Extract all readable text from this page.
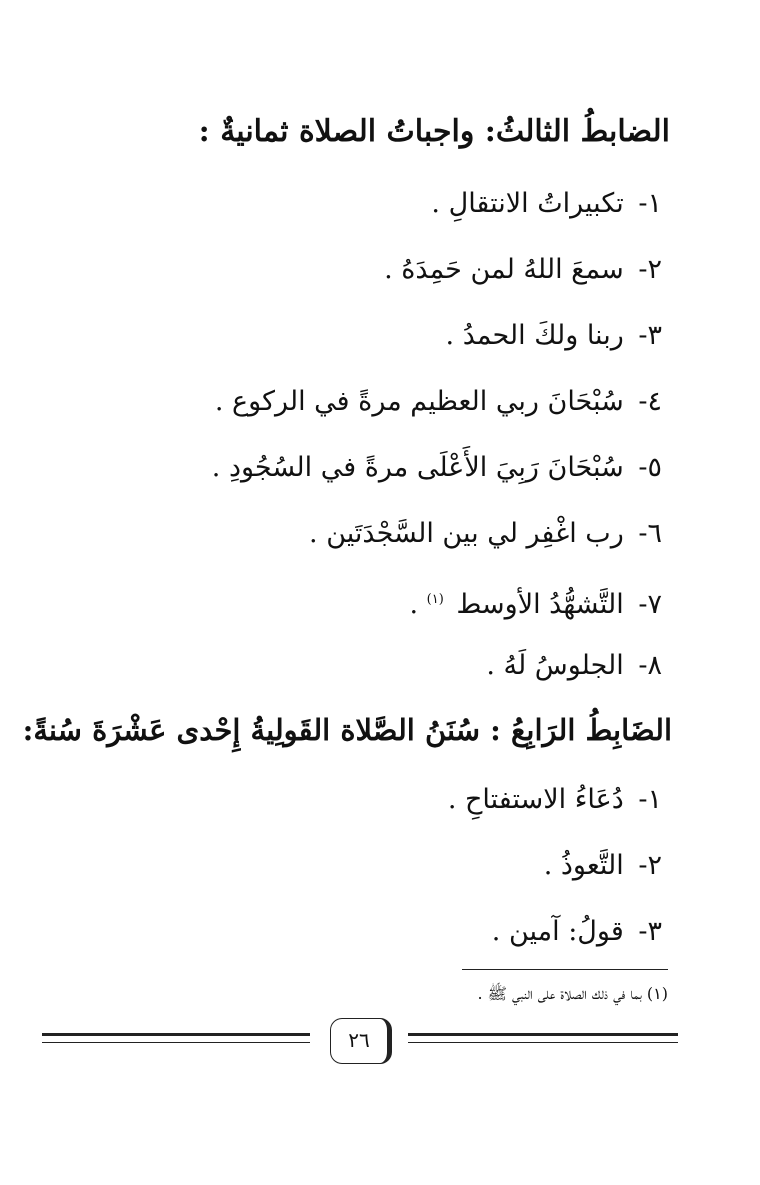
الضابطُ الثالثُ: واجباتُ الصلاة ثمانيةٌ :
١- تكبيراتُ الانتقالِ .
٢- سمعَ اللهُ لمن حَمِدَهُ .
٣- ربنا ولكَ الحمدُ .
٤- سُبْحَانَ ربي العظيم مرةً في الركوع .
٥- سُبْحَانَ رَبِيَ الأَعْلَى مرةً في السُجُودِ .
٦- رب اغْفِر لي بين السَّجْدَتَين .
٧- التَّشهُّدُ الأوسط $^{(١)}$ .
٨- الجلوسُ لَهُ .
الضَابِطُ الرَابِعُ : سُنَنُ الصَّلاة القَولِيةُ إِحْدى عَشْرَةَ سُنةً:
١- دُعَاءُ الاستفتاحِ .
٢- التَّعوذُ .
٣- قولُ: آمين .
(١) بما في ذلك الصلاة على النبي ﷺ .
٢٦
